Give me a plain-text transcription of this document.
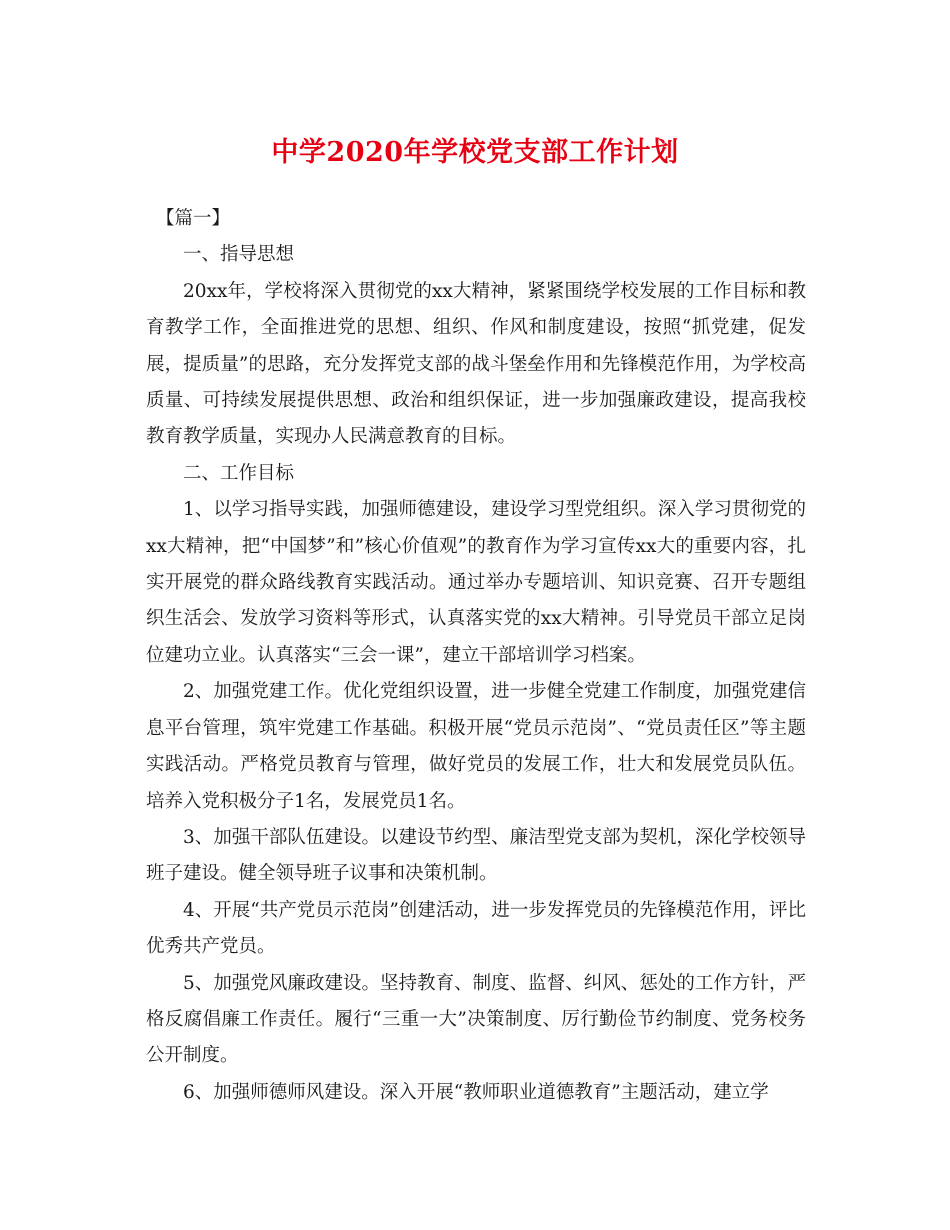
中学2020年学校党支部工作计划

【篇一】

一、指导思想

20xx年，学校将深入贯彻党的xx大精神，紧紧围绕学校发展的工作目标和教育教学工作，全面推进党的思想、组织、作风和制度建设，按照“抓党建，促发展，提质量”的思路，充分发挥党支部的战斗堡垒作用和先锋模范作用，为学校高质量、可持续发展提供思想、政治和组织保证，进一步加强廉政建设，提高我校教育教学质量，实现办人民满意教育的目标。

二、工作目标

1、以学习指导实践，加强师德建设，建设学习型党组织。深入学习贯彻党的xx大精神，把“中国梦”和”核心价值观”的教育作为学习宣传xx大的重要内容，扎实开展党的群众路线教育实践活动。通过举办专题培训、知识竞赛、召开专题组织生活会、发放学习资料等形式，认真落实党的xx大精神。引导党员干部立足岗位建功立业。认真落实“三会一课”，建立干部培训学习档案。

2、加强党建工作。优化党组织设置，进一步健全党建工作制度，加强党建信息平台管理，筑牢党建工作基础。积极开展“党员示范岗”、“党员责任区”等主题实践活动。严格党员教育与管理，做好党员的发展工作，壮大和发展党员队伍。培养入党积极分子1名，发展党员1名。

3、加强干部队伍建设。以建设节约型、廉洁型党支部为契机，深化学校领导班子建设。健全领导班子议事和决策机制。

4、开展“共产党员示范岗”创建活动，进一步发挥党员的先锋模范作用，评比优秀共产党员。

5、加强党风廉政建设。坚持教育、制度、监督、纠风、惩处的工作方针，严格反腐倡廉工作责任。履行“三重一大”决策制度、厉行勤俭节约制度、党务校务公开制度。

6、加强师德师风建设。深入开展“教师职业道德教育”主题活动，建立学
